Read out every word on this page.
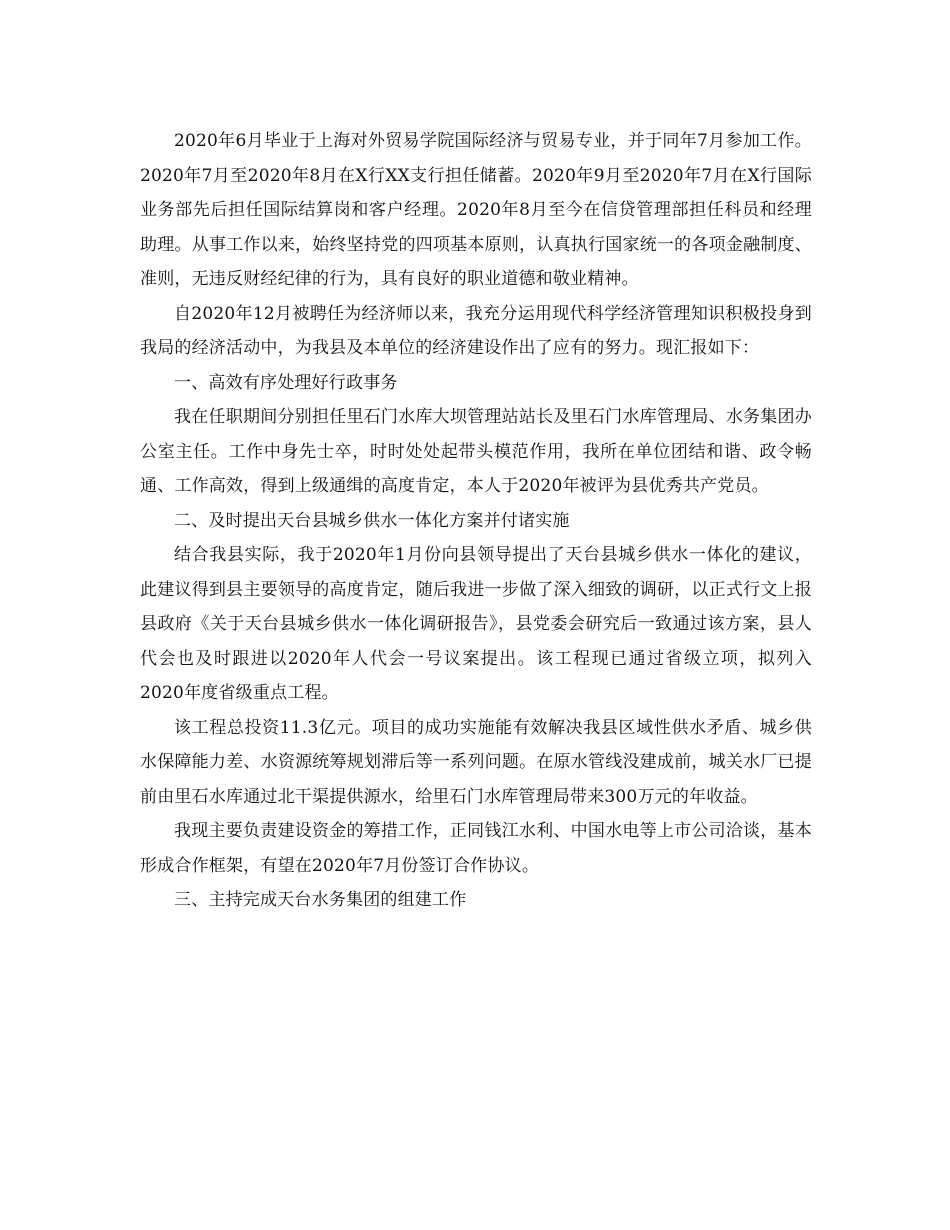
2020年6月毕业于上海对外贸易学院国际经济与贸易专业，并于同年7月参加工作。2020年7月至2020年8月在X行XX支行担任储蓄。2020年9月至2020年7月在X行国际业务部先后担任国际结算岗和客户经理。2020年8月至今在信贷管理部担任科员和经理助理。从事工作以来，始终坚持党的四项基本原则，认真执行国家统一的各项金融制度、准则，无违反财经纪律的行为，具有良好的职业道德和敬业精神。

自2020年12月被聘任为经济师以来，我充分运用现代科学经济管理知识积极投身到我局的经济活动中，为我县及本单位的经济建设作出了应有的努力。现汇报如下：

一、高效有序处理好行政事务

我在任职期间分别担任里石门水库大坝管理站站长及里石门水库管理局、水务集团办公室主任。工作中身先士卒，时时处处起带头模范作用，我所在单位团结和谐、政令畅通、工作高效，得到上级通缉的高度肯定，本人于2020年被评为县优秀共产党员。

二、及时提出天台县城乡供水一体化方案并付诸实施

结合我县实际，我于2020年1月份向县领导提出了天台县城乡供水一体化的建议，此建议得到县主要领导的高度肯定，随后我进一步做了深入细致的调研，以正式行文上报县政府《关于天台县城乡供水一体化调研报告》，县党委会研究后一致通过该方案，县人代会也及时跟进以2020年人代会一号议案提出。该工程现已通过省级立项，拟列入2020年度省级重点工程。

该工程总投资11.3亿元。项目的成功实施能有效解决我县区域性供水矛盾、城乡供水保障能力差、水资源统筹规划滞后等一系列问题。在原水管线没建成前，城关水厂已提前由里石水库通过北干渠提供源水，给里石门水库管理局带来300万元的年收益。

我现主要负责建设资金的筹措工作，正同钱江水利、中国水电等上市公司洽谈，基本形成合作框架，有望在2020年7月份签订合作协议。

三、主持完成天台水务集团的组建工作
